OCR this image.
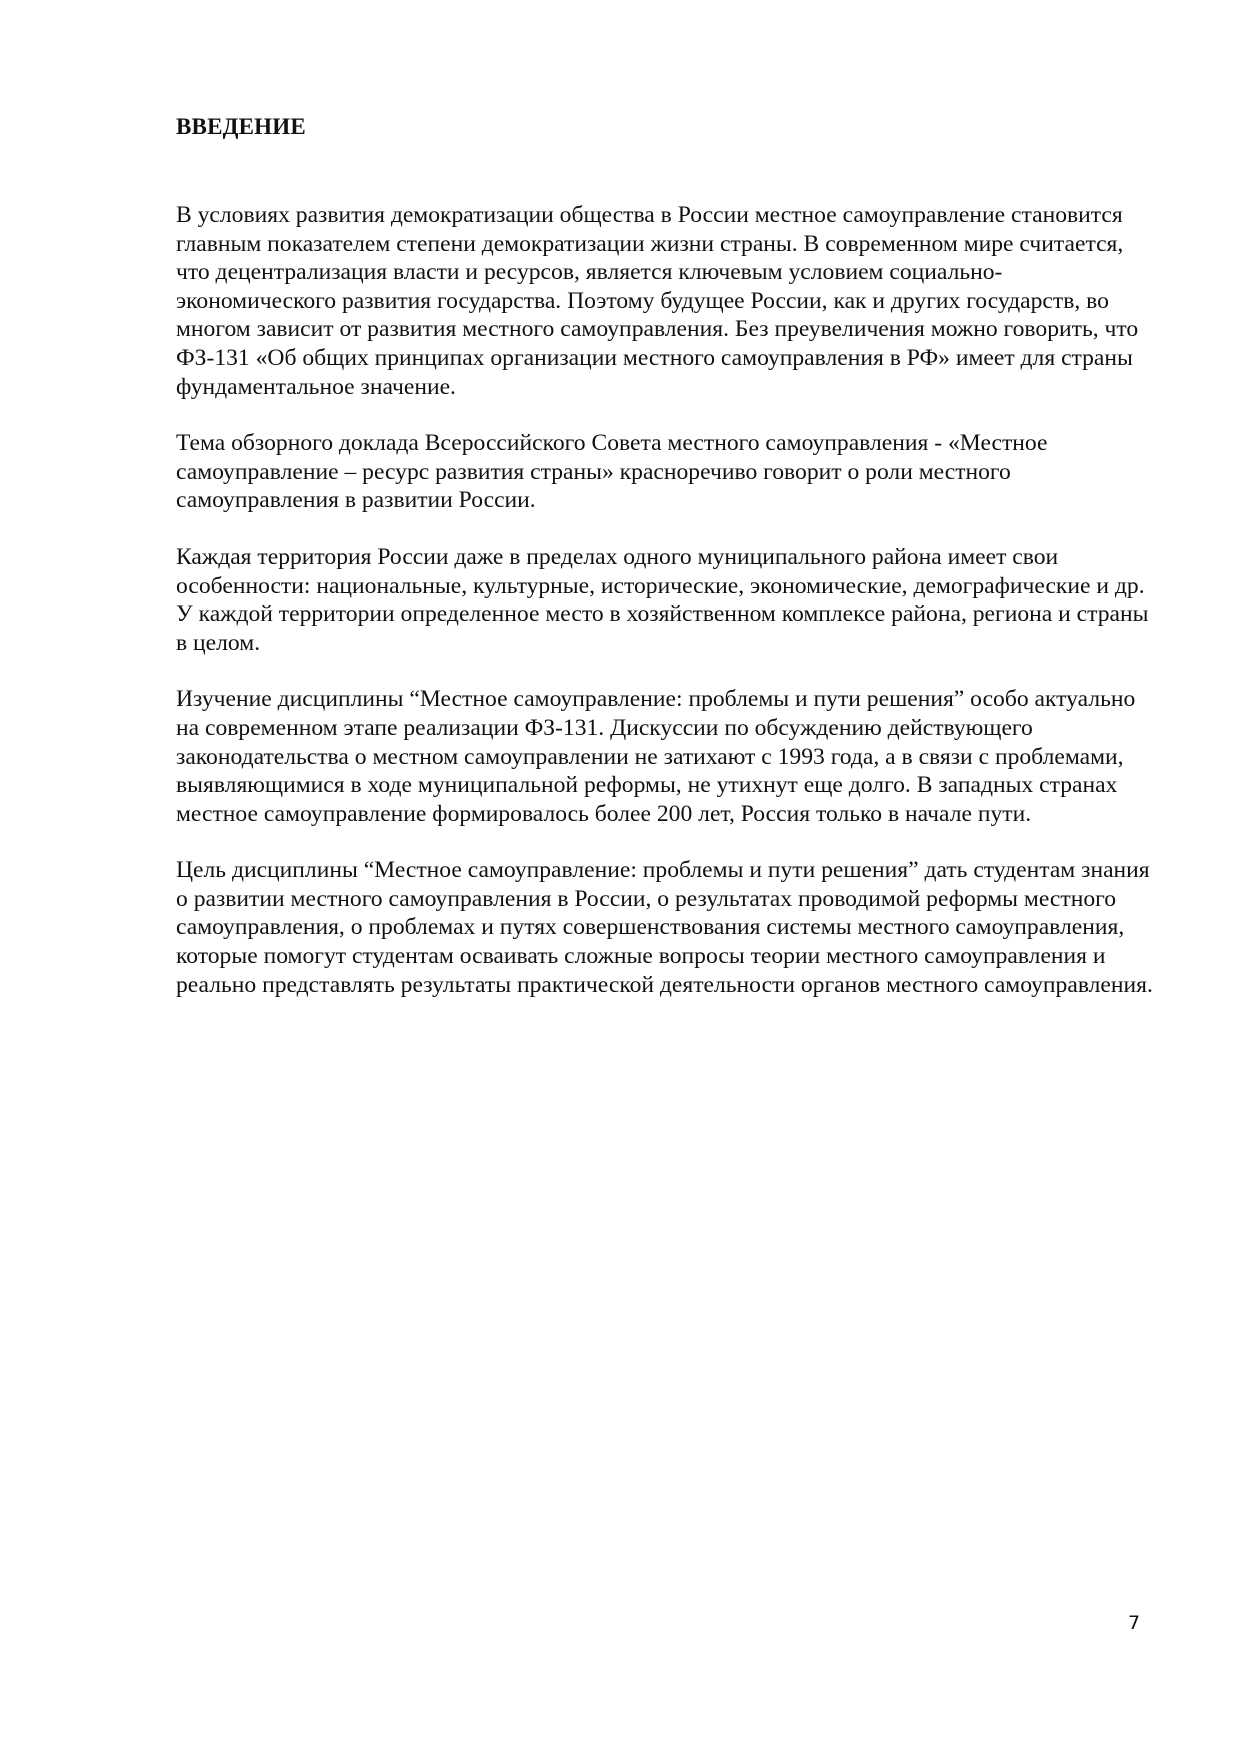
ВВЕДЕНИЕ

В условиях развития демократизации общества в России местное самоуправление становится главным показателем степени демократизации жизни страны. В современном мире считается, что децентрализация власти и ресурсов, является ключевым условием социально-экономического развития государства. Поэтому будущее России, как и других государств, во многом зависит от развития местного самоуправления. Без преувеличения можно говорить, что ФЗ-131 «Об общих принципах организации местного самоуправления в РФ» имеет для страны фундаментальное значение.

Тема обзорного доклада Всероссийского Совета местного самоуправления - «Местное самоуправление – ресурс развития страны» красноречиво говорит о роли местного самоуправления в развитии России.

Каждая территория России даже в пределах одного муниципального района имеет свои особенности: национальные, культурные, исторические, экономические, демографические и др. У каждой территории определенное место в хозяйственном комплексе района, региона и страны в целом.

Изучение дисциплины “Местное самоуправление: проблемы и пути решения” особо актуально на современном этапе реализации ФЗ-131. Дискуссии по обсуждению действующего законодательства о местном самоуправлении не затихают с 1993 года, а в связи с проблемами, выявляющимися в ходе муниципальной реформы, не утихнут еще долго. В западных странах местное самоуправление формировалось более 200 лет, Россия только в начале пути.

Цель дисциплины “Местное самоуправление: проблемы и пути решения” дать студентам знания о развитии местного самоуправления в России, о результатах проводимой реформы местного самоуправления, о проблемах и путях совершенствования системы местного самоуправления, которые помогут студентам осваивать сложные вопросы теории местного самоуправления и реально представлять результаты практической деятельности органов местного самоуправления.

7
